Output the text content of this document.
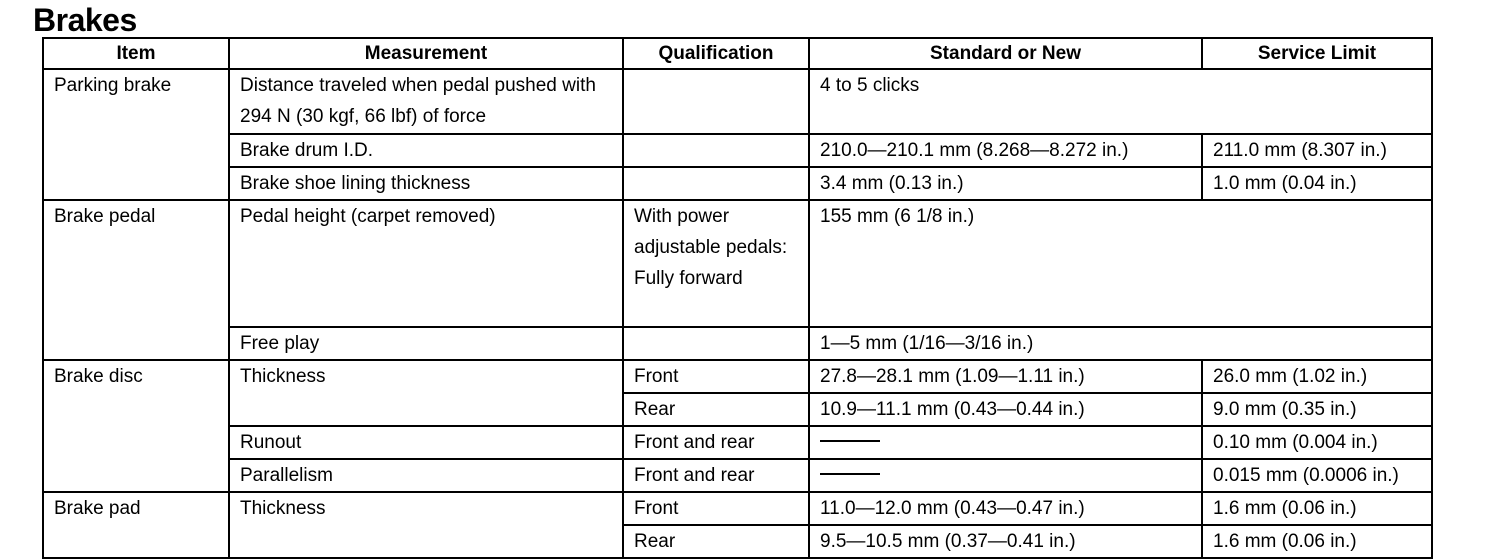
Brakes
Item	Measurement	Qualification	Standard or New	Service Limit
Parking brake	Distance traveled when pedal pushed with 294 N (30 kgf, 66 lbf) of force		4 to 5 clicks	
	Brake drum I.D.		210.0—210.1 mm (8.268—8.272 in.)	211.0 mm (8.307 in.)
	Brake shoe lining thickness		3.4 mm (0.13 in.)	1.0 mm (0.04 in.)
Brake pedal	Pedal height (carpet removed)	With power adjustable pedals: Fully forward	155 mm (6 1/8 in.)	
	Free play		1—5 mm (1/16—3/16 in.)	
Brake disc	Thickness	Front	27.8—28.1 mm (1.09—1.11 in.)	26.0 mm (1.02 in.)
		Rear	10.9—11.1 mm (0.43—0.44 in.)	9.0 mm (0.35 in.)
	Runout	Front and rear		0.10 mm (0.004 in.)
	Parallelism	Front and rear		0.015 mm (0.0006 in.)
Brake pad	Thickness	Front	11.0—12.0 mm (0.43—0.47 in.)	1.6 mm (0.06 in.)
		Rear	9.5—10.5 mm (0.37—0.41 in.)	1.6 mm (0.06 in.)
